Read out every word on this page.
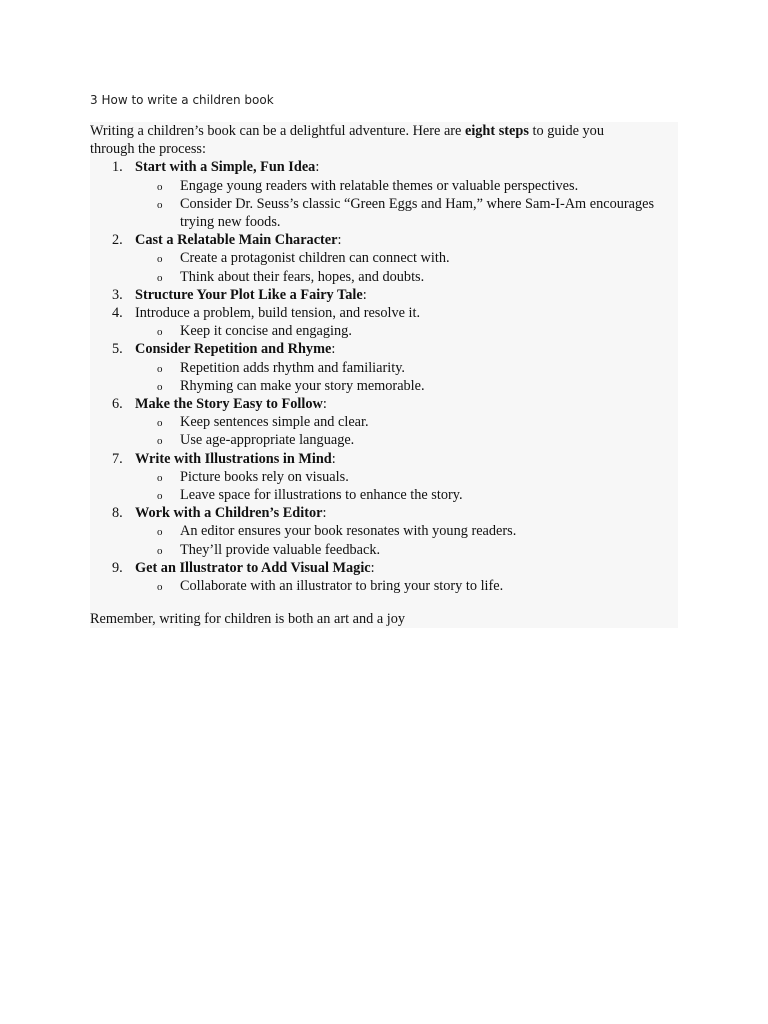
3 How to write a children book

Writing a children’s book can be a delightful adventure. Here are eight steps to guide you
through the process:

1. Start with a Simple, Fun Idea:
o Engage young readers with relatable themes or valuable perspectives.
o Consider Dr. Seuss’s classic “Green Eggs and Ham,” where Sam-I-Am encourages trying new foods.
2. Cast a Relatable Main Character:
o Create a protagonist children can connect with.
o Think about their fears, hopes, and doubts.
3. Structure Your Plot Like a Fairy Tale:
4. Introduce a problem, build tension, and resolve it.
o Keep it concise and engaging.
5. Consider Repetition and Rhyme:
o Repetition adds rhythm and familiarity.
o Rhyming can make your story memorable.
6. Make the Story Easy to Follow:
o Keep sentences simple and clear.
o Use age-appropriate language.
7. Write with Illustrations in Mind:
o Picture books rely on visuals.
o Leave space for illustrations to enhance the story.
8. Work with a Children’s Editor:
o An editor ensures your book resonates with young readers.
o They’ll provide valuable feedback.
9. Get an Illustrator to Add Visual Magic:
o Collaborate with an illustrator to bring your story to life.
Remember, writing for children is both an art and a joy
